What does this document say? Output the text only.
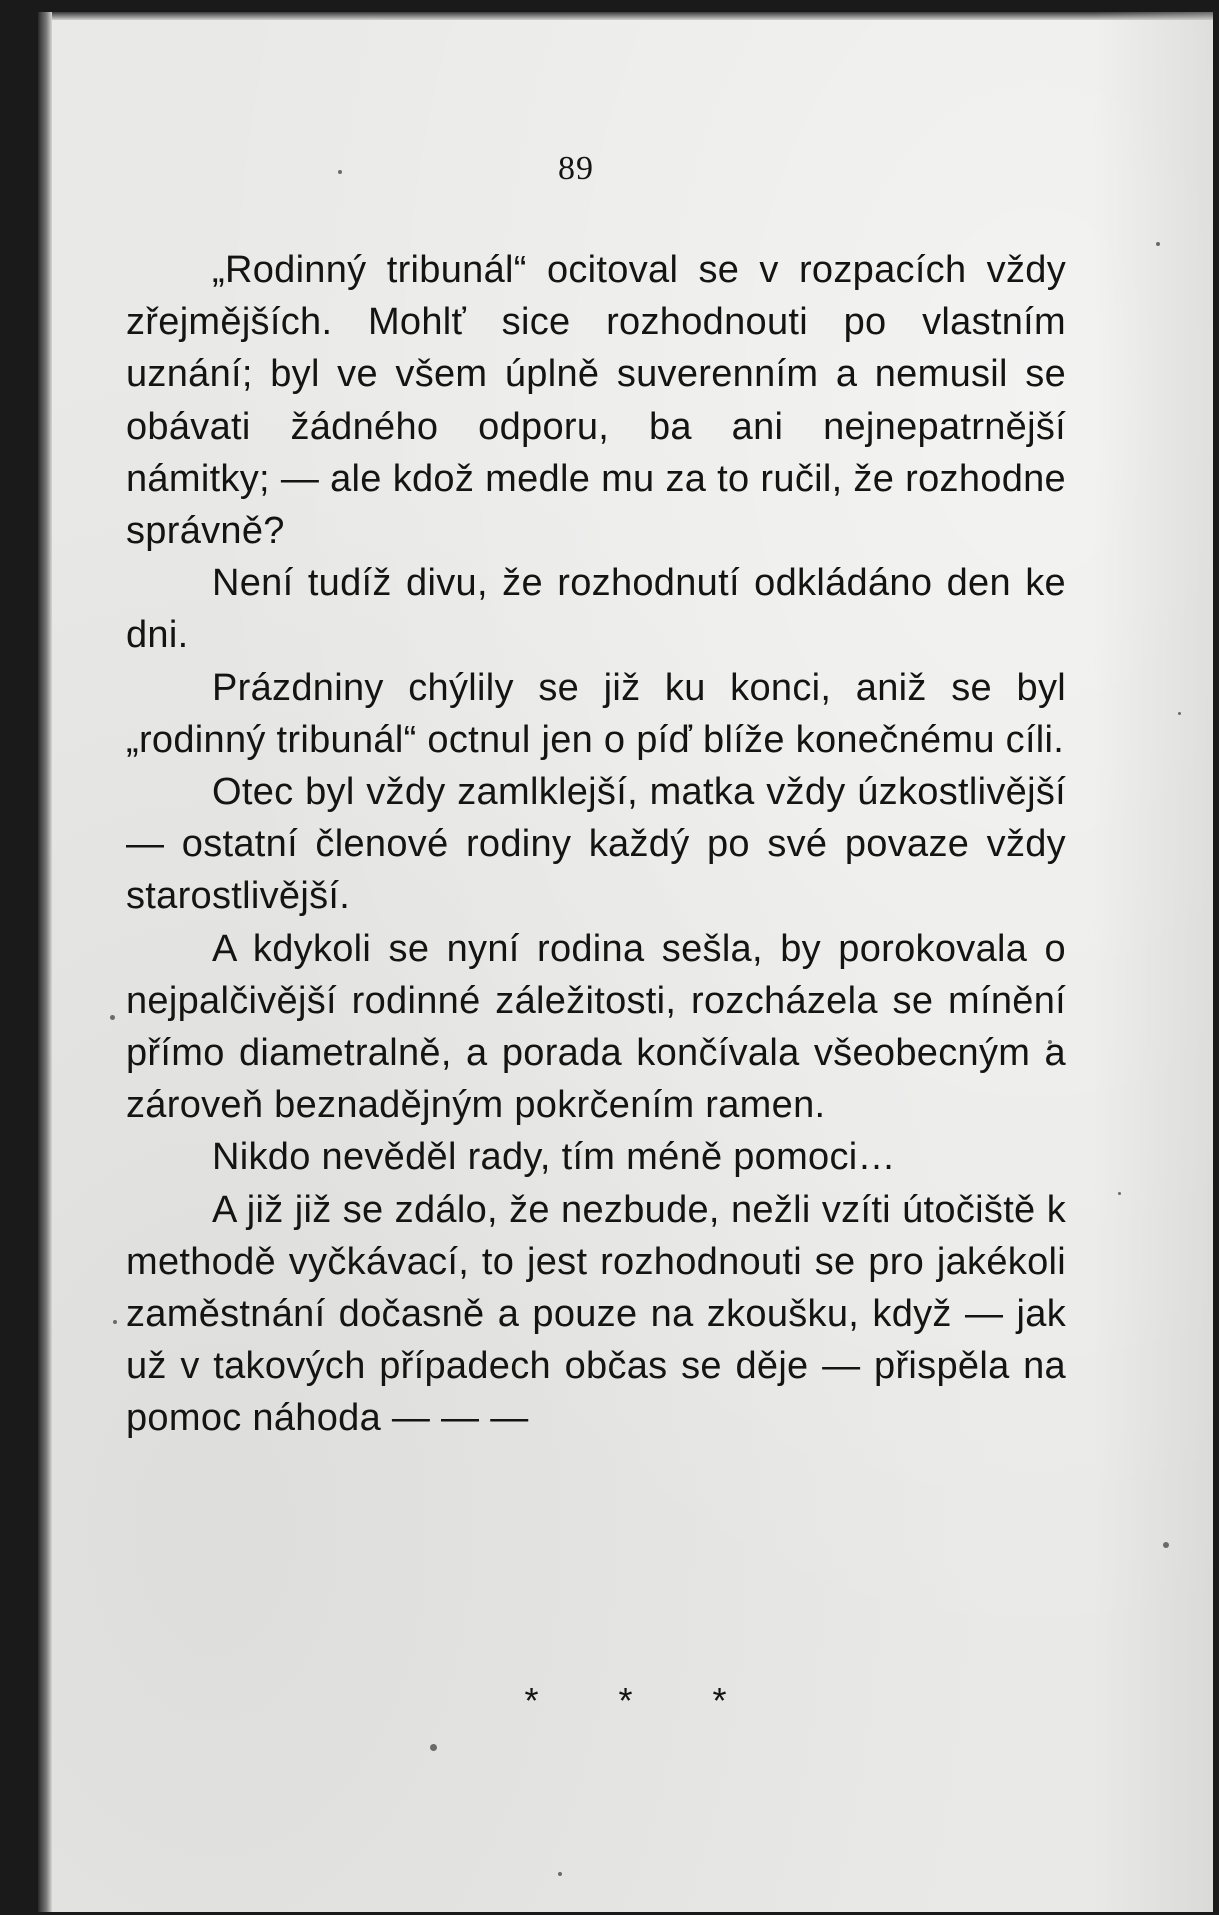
89

„Rodinný tribunál“ ocitoval se v rozpacích vždy zřejmějších. Mohlť sice rozhodnouti po vlastním uznání; byl ve všem úplně suverenním a nemusil se obávati žádného odporu, ba ani nejnepatrnější námitky; — ale kdož medle mu za to ručil, že rozhodne správně?

Není tudíž divu, že rozhodnutí odkládáno den ke dni.

Prázdniny chýlily se již ku konci, aniž se byl „rodinný tribunál“ octnul jen o píď blíže konečnému cíli.

Otec byl vždy zamlklejší, matka vždy úzkostlivější — ostatní členové rodiny každý po své povaze vždy starostlivější.

A kdykoli se nyní rodina sešla, by porokovala o nejpalčivější rodinné záležitosti, rozcházela se mínění přímo diametralně, a porada končívala všeobecným a zároveň beznadějným pokrčením ramen.

Nikdo nevěděl rady, tím méně pomoci…

A již již se zdálo, že nezbude, nežli vzíti útočiště k methodě vyčkávací, to jest rozhodnouti se pro jakékoli zaměstnání dočasně a pouze na zkoušku, když — jak už v takových případech občas se děje — přispěla na pomoc náhoda — — —

* * *
